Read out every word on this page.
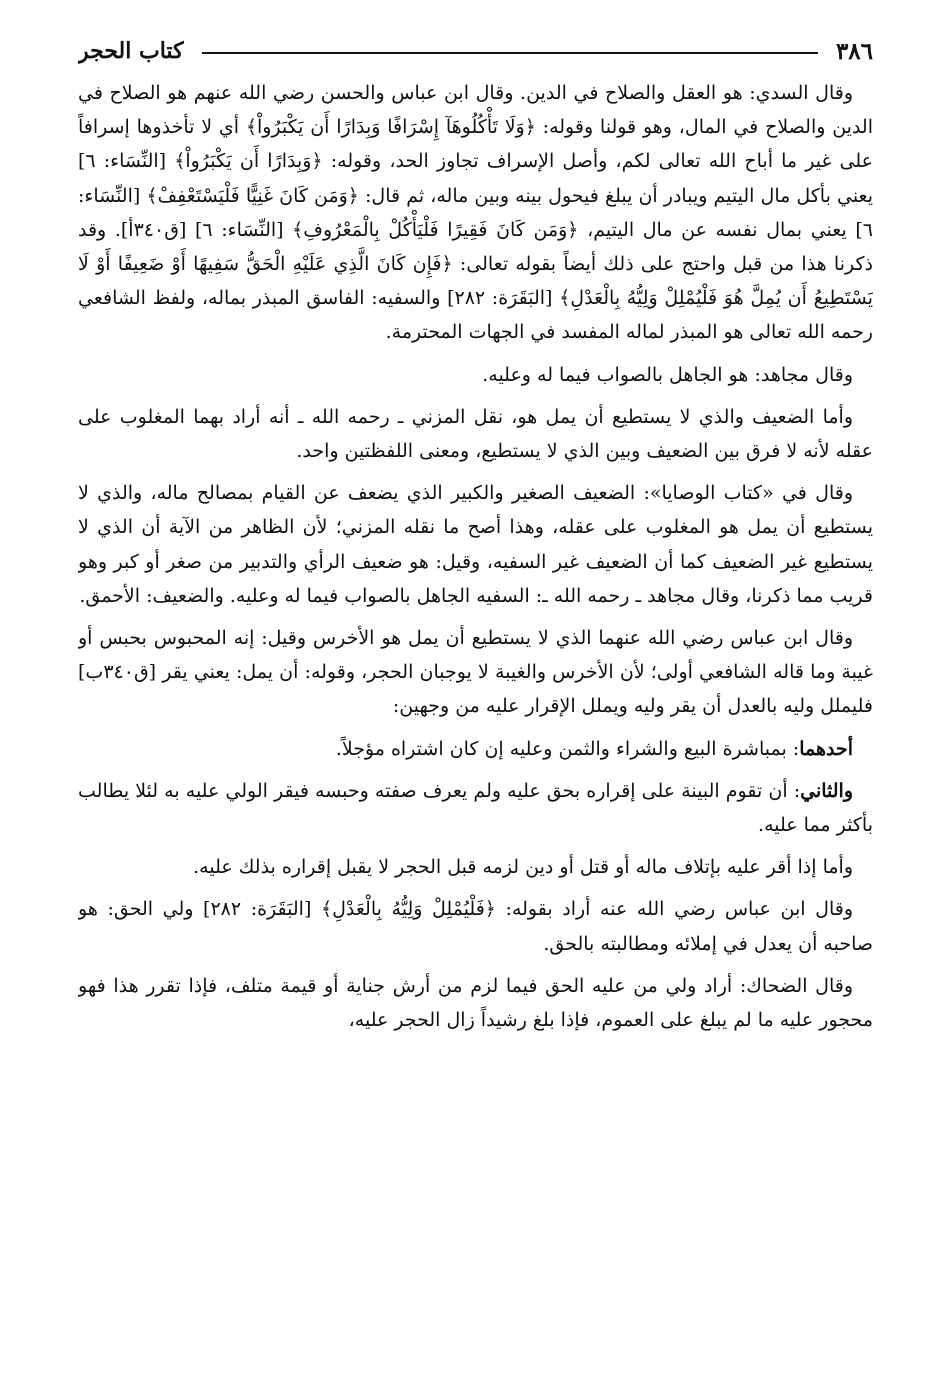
٣٨٦
كتاب الحجر

وقال السدي: هو العقل والصلاح في الدين. وقال ابن عباس والحسن رضي الله عنهم هو الصلاح في الدين والصلاح في المال، وهو قولنا وقوله: ﴿وَلَا تَأْكُلُوهَآ إِسْرَافًا وَبِدَارًا أَن يَكْبَرُواْ﴾ أي لا تأخذوها إسرافاً على غير ما أباح الله تعالى لكم، وأصل الإسراف تجاوز الحد، وقوله: ﴿وَبِدَارًا أَن يَكْبَرُواْ﴾ [النِّسَاء: ٦] يعني بأكل مال اليتيم ويبادر أن يبلغ فيحول بينه وبين ماله، ثم قال: ﴿وَمَن كَانَ غَنِيًّا فَلْيَسْتَعْفِفْ﴾ [النِّسَاء: ٦] يعني بمال نفسه عن مال اليتيم، ﴿وَمَن كَانَ فَقِيرًا فَلْيَأْكُلْ بِالْمَعْرُوفِ﴾ [النِّسَاء: ٦] [ق٣٤٠أ]. وقد ذكرنا هذا من قبل واحتج على ذلك أيضاً بقوله تعالى: ﴿فَإِن كَانَ الَّذِي عَلَيْهِ الْحَقُّ سَفِيهًا أَوْ ضَعِيفًا أَوْ لَا يَسْتَطِيعُ أَن يُمِلَّ هُوَ فَلْيُمْلِلْ وَلِيُّهُ بِالْعَدْلِ﴾ [البَقَرَة: ٢٨٢] والسفيه: الفاسق المبذر بماله، ولفظ الشافعي رحمه الله تعالى هو المبذر لماله المفسد في الجهات المحترمة.

وقال مجاهد: هو الجاهل بالصواب فيما له وعليه.

وأما الضعيف والذي لا يستطيع أن يمل هو، نقل المزني ـ رحمه الله ـ أنه أراد بهما المغلوب على عقله لأنه لا فرق بين الضعيف وبين الذي لا يستطيع، ومعنى اللفظتين واحد.

وقال في «كتاب الوصايا»: الضعيف الصغير والكبير الذي يضعف عن القيام بمصالح ماله، والذي لا يستطيع أن يمل هو المغلوب على عقله، وهذا أصح ما نقله المزني؛ لأن الظاهر من الآية أن الذي لا يستطيع غير الضعيف كما أن الضعيف غير السفيه، وقيل: هو ضعيف الرأي والتدبير من صغر أو كبر وهو قريب مما ذكرنا، وقال مجاهد ـ رحمه الله ـ: السفيه الجاهل بالصواب فيما له وعليه. والضعيف: الأحمق.

وقال ابن عباس رضي الله عنهما الذي لا يستطيع أن يمل هو الأخرس وقيل: إنه المحبوس بحبس أو غيبة وما قاله الشافعي أولى؛ لأن الأخرس والغيبة لا يوجبان الحجر، وقوله: أن يمل: يعني يقر [ق٣٤٠ب] فليملل وليه بالعدل أن يقر وليه ويملل الإقرار عليه من وجهين:

أحدهما: بمباشرة البيع والشراء والثمن وعليه إن كان اشتراه مؤجلاً.

والثاني: أن تقوم البينة على إقراره بحق عليه ولم يعرف صفته وحبسه فيقر الولي عليه به لئلا يطالب بأكثر مما عليه.

وأما إذا أقر عليه بإتلاف ماله أو قتل أو دين لزمه قبل الحجر لا يقبل إقراره بذلك عليه.

وقال ابن عباس رضي الله عنه أراد بقوله: ﴿فَلْيُمْلِلْ وَلِيُّهُ بِالْعَدْلِ﴾ [البَقَرَة: ٢٨٢] ولي الحق: هو صاحبه أن يعدل في إملائه ومطالبته بالحق.

وقال الضحاك: أراد ولي من عليه الحق فيما لزم من أرش جناية أو قيمة متلف، فإذا تقرر هذا فهو محجور عليه ما لم يبلغ على العموم، فإذا بلغ رشيداً زال الحجر عليه،
